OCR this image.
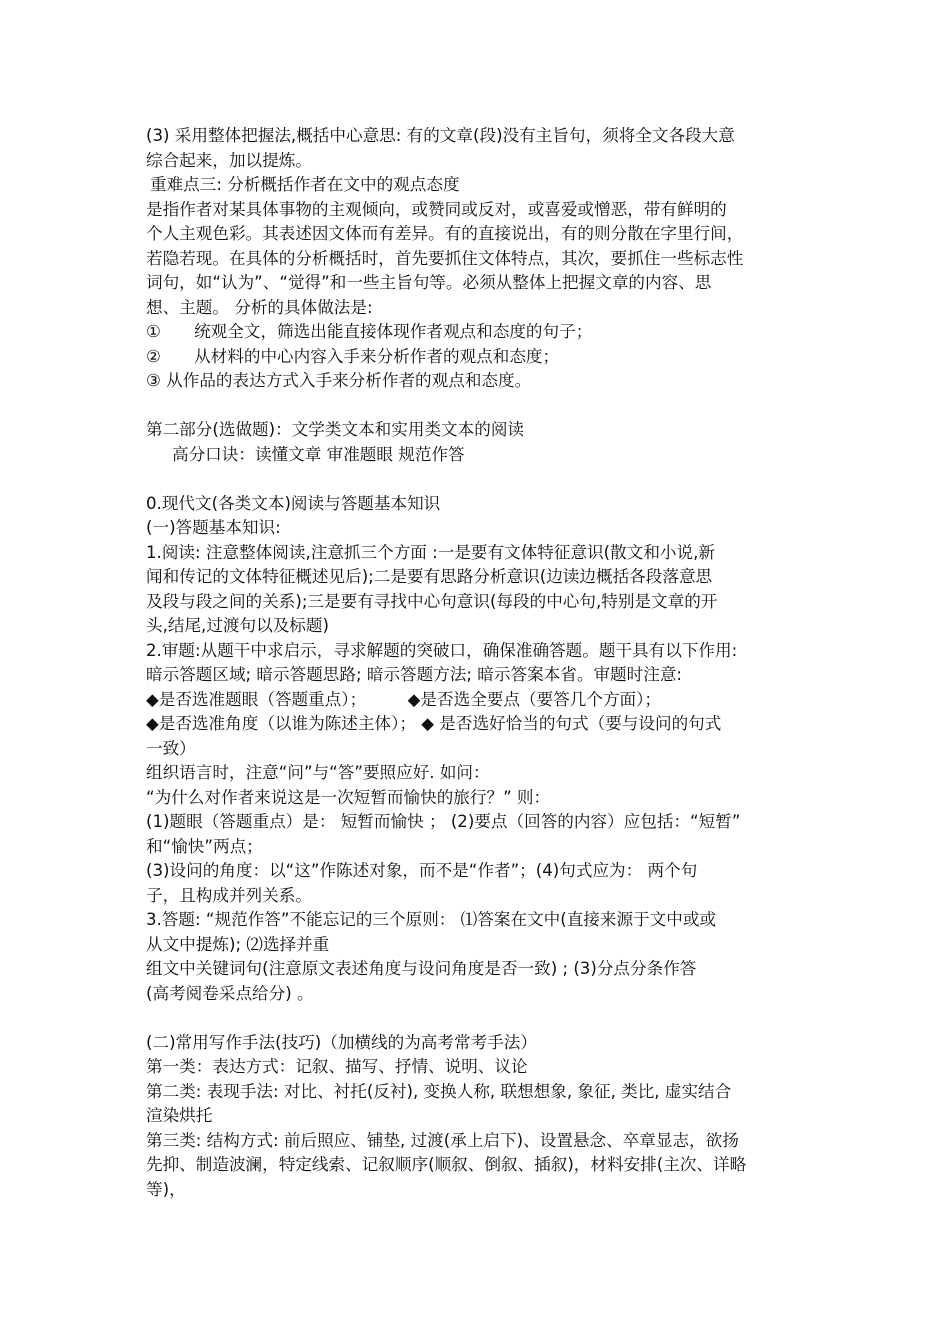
(3) 采用整体把握法,概括中心意思: 有的文章(段)没有主旨句，须将全文各段大意
综合起来，加以提炼。
重难点三: 分析概括作者在文中的观点态度
是指作者对某具体事物的主观倾向，或赞同或反对，或喜爱或憎恶，带有鲜明的
个人主观色彩。其表述因文体而有差异。有的直接说出，有的则分散在字里行间，
若隐若现。在具体的分析概括时，首先要抓住文体特点，其次，要抓住一些标志性
词句，如“认为”、“觉得”和一些主旨句等。必须从整体上把握文章的内容、思
想、主题。 分析的具体做法是:
①　　统观全文，筛选出能直接体现作者观点和态度的句子；
②　　从材料的中心内容入手来分析作者的观点和态度；
③ 从作品的表达方式入手来分析作者的观点和态度。
第二部分(选做题)：文学类文本和实用类文本的阅读
高分口诀：读懂文章 审准题眼 规范作答
0.现代文(各类文本)阅读与答题基本知识
(一)答题基本知识:
1.阅读: 注意整体阅读,注意抓三个方面 :一是要有文体特征意识(散文和小说,新
闻和传记的文体特征概述见后);二是要有思路分析意识(边读边概括各段落意思
及段与段之间的关系);三是要有寻找中心句意识(每段的中心句,特别是文章的开
头,结尾,过渡句以及标题)
2.审题:从题干中求启示，寻求解题的突破口，确保准确答题。题干具有以下作用:
暗示答题区域; 暗示答题思路; 暗示答题方法; 暗示答案本省。审题时注意:
◆是否选准题眼（答题重点）；　　　◆是否选全要点（要答几个方面）；
◆是否选准角度（以谁为陈述主体）； ◆ 是否选好恰当的句式（要与设问的句式
一致）
组织语言时，注意“问”与“答”要照应好. 如问：
“为什么对作者来说这是一次短暂而愉快的旅行？” 则：
(1)题眼（答题重点）是： 短暂而愉快 ； (2)要点（回答的内容）应包括：“短暂”
和“愉快”两点；
(3)设问的角度：以“这”作陈述对象，而不是“作者”；(4)句式应为： 两个句
子，且构成并列关系。
3.答题: “规范作答”不能忘记的三个原则： ⑴答案在文中(直接来源于文中或或
从文中提炼); ⑵选择并重
组文中关键词句(注意原文表述角度与设问角度是否一致) ; (3)分点分条作答
(高考阅卷采点给分) 。
(二)常用写作手法(技巧)（加横线的为高考常考手法）
第一类：表达方式：记叙、描写、抒情、说明、议论
第二类: 表现手法: 对比、衬托(反衬), 变换人称, 联想想象, 象征, 类比, 虚实结合
渲染烘托
第三类: 结构方式: 前后照应、铺垫, 过渡(承上启下)、设置悬念、卒章显志，欲扬
先抑、制造波澜，特定线索、记叙顺序(顺叙、倒叙、插叙)，材料安排(主次、详略
等)，
